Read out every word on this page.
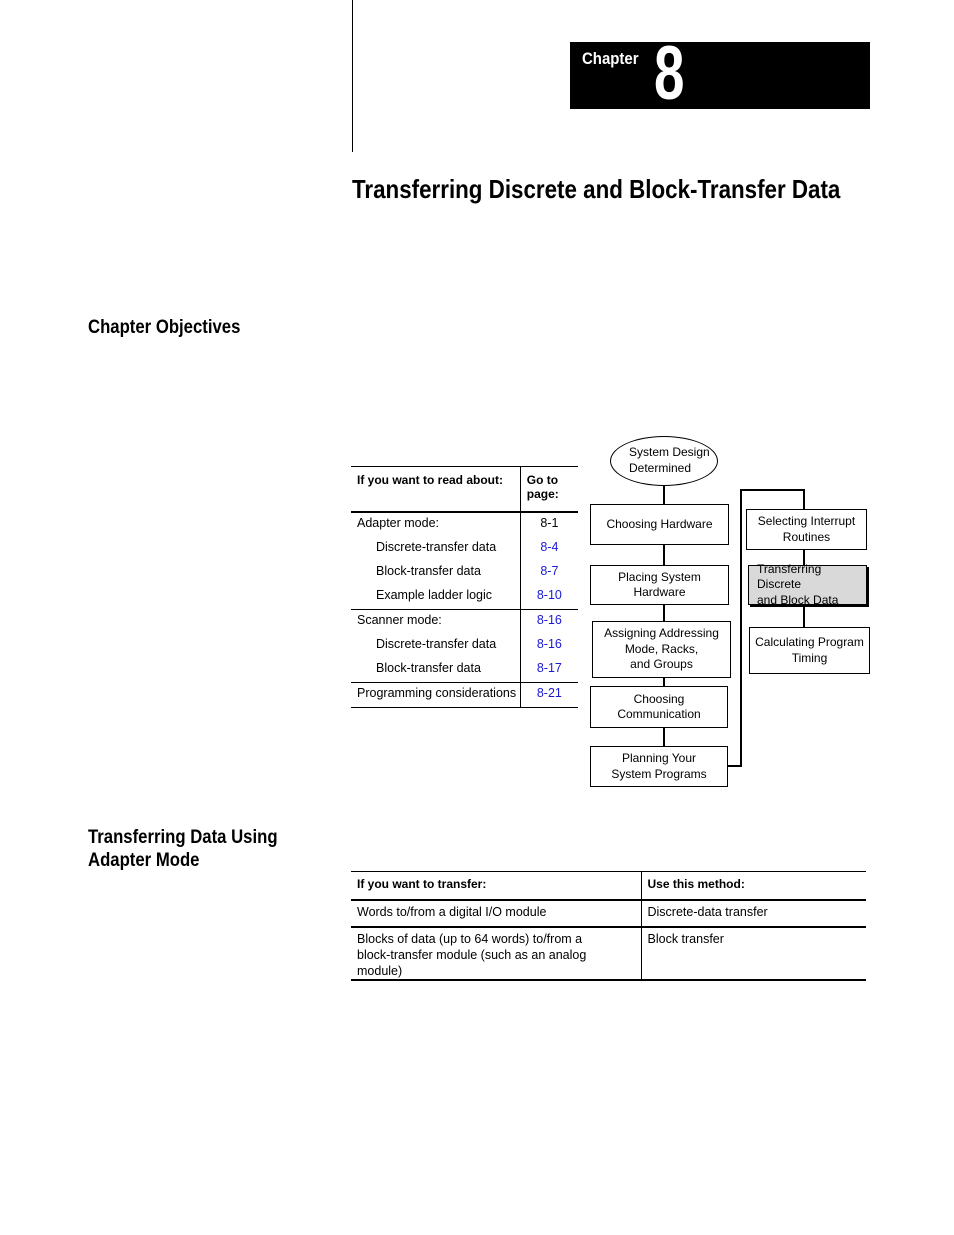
Chapter 8
Transferring Discrete and Block-Transfer Data
Chapter Objectives
If you want to read about:	Go to
page:
Adapter mode:	8-1
Discrete-transfer data	8-4
Block-transfer data	8-7
Example ladder logic	8-10
Scanner mode:	8-16
Discrete-transfer data	8-16
Block-transfer data	8-17
Programming considerations	8-21
System Design
Determined
Choosing Hardware
Placing System
Hardware
Assigning Addressing
Mode, Racks,
and Groups
Choosing
Communication
Planning Your
System Programs
Selecting Interrupt
Routines
Transferring Discrete
and Block Data
Calculating Program
Timing
Transferring Data Using
Adapter Mode
If you want to transfer:	Use this method:
Words to/from a digital I/O module	Discrete-data transfer
Blocks of data (up to 64 words) to/from a
block-transfer module (such as an analog module)	Block transfer
